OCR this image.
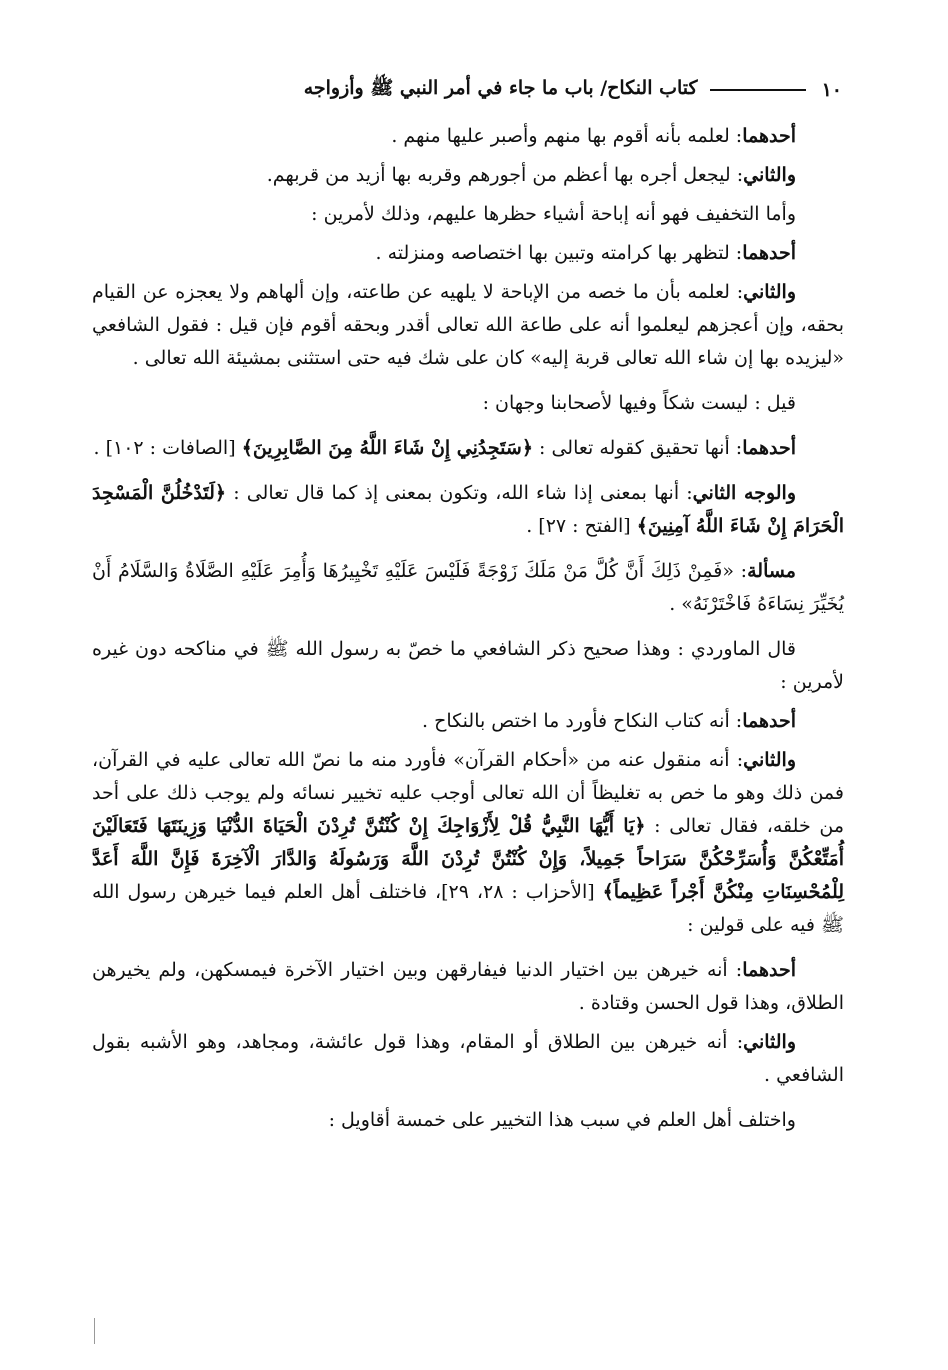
١٠
كتاب النكاح/ باب ما جاء في أمر النبي ﷺ وأزواجه

أحدهما: لعلمه بأنه أقوم بها منهم وأصبر عليها منهم .

والثاني: ليجعل أجره بها أعظم من أجورهم وقربه بها أزيد من قربهم.

وأما التخفيف فهو أنه إباحة أشياء حظرها عليهم، وذلك لأمرين :

أحدهما: لتظهر بها كرامته وتبين بها اختصاصه ومنزلته .

والثاني: لعلمه بأن ما خصه من الإباحة لا يلهيه عن طاعته، وإن ألهاهم ولا يعجزه عن القيام بحقه، وإن أعجزهم ليعلموا أنه على طاعة الله تعالى أقدر وبحقه أقوم فإن قيل : فقول الشافعي «ليزيده بها إن شاء الله تعالى قربة إليه» كان على شك فيه حتى استثنى بمشيئة الله تعالى .

قيل : ليست شكاً وفيها لأصحابنا وجهان :

أحدهما: أنها تحقيق كقوله تعالى : ﴿سَتَجِدُنِي إِنْ شَاءَ اللَّهُ مِنَ الصَّابِرِينَ﴾ [الصافات : ١٠٢] .

والوجه الثاني: أنها بمعنى إذا شاء الله، وتكون بمعنى إذ كما قال تعالى : ﴿لَتَدْخُلُنَّ الْمَسْجِدَ الْحَرَامَ إِنْ شَاءَ اللَّهُ آمِنِينَ﴾ [الفتح : ٢٧] .

مسألة: «فَمِنْ ذَلِكَ أَنَّ كُلَّ مَنْ مَلَكَ زَوْجَةً فَلَيْسَ عَلَيْهِ تَخْيِيرُهَا وَأُمِرَ عَلَيْهِ الصَّلَاةُ وَالسَّلَامُ أَنْ يُخَيِّرَ نِسَاءَهُ فَاخْتَرْنَهُ» .

قال الماوردي : وهذا صحيح ذكر الشافعي ما خصّ به رسول الله ﷺ في مناكحه دون غيره لأمرين :

أحدهما: أنه كتاب النكاح فأورد ما اختص بالنكاح .

والثاني: أنه منقول عنه من «أحكام القرآن» فأورد منه ما نصّ الله تعالى عليه في القرآن، فمن ذلك وهو ما خص به تغليظاً أن الله تعالى أوجب عليه تخيير نسائه ولم يوجب ذلك على أحد من خلقه، فقال تعالى : ﴿يَا أَيُّهَا النَّبِيُّ قُلْ لِأَزْوَاجِكَ إِنْ كُنْتُنَّ تُرِدْنَ الْحَيَاةَ الدُّنْيَا وَزِينَتَهَا فَتَعَالَيْنَ أُمَتِّعْكُنَّ وَأُسَرِّحْكُنَّ سَرَاحاً جَمِيلاً، وَإِنْ كُنْتُنَّ تُرِدْنَ اللَّهَ وَرَسُولَهُ وَالدَّارَ الْآخِرَةَ فَإِنَّ اللَّهَ أَعَدَّ لِلْمُحْسِنَاتِ مِنْكُنَّ أَجْراً عَظِيماً﴾ [الأحزاب : ٢٨، ٢٩]، فاختلف أهل العلم فيما خيرهن رسول الله ﷺ فيه على قولين :

أحدهما: أنه خيرهن بين اختيار الدنيا فيفارقهن وبين اختيار الآخرة فيمسكهن، ولم يخيرهن الطلاق، وهذا قول الحسن وقتادة .

والثاني: أنه خيرهن بين الطلاق أو المقام، وهذا قول عائشة، ومجاهد، وهو الأشبه بقول الشافعي .

واختلف أهل العلم في سبب هذا التخيير على خمسة أقاويل :
